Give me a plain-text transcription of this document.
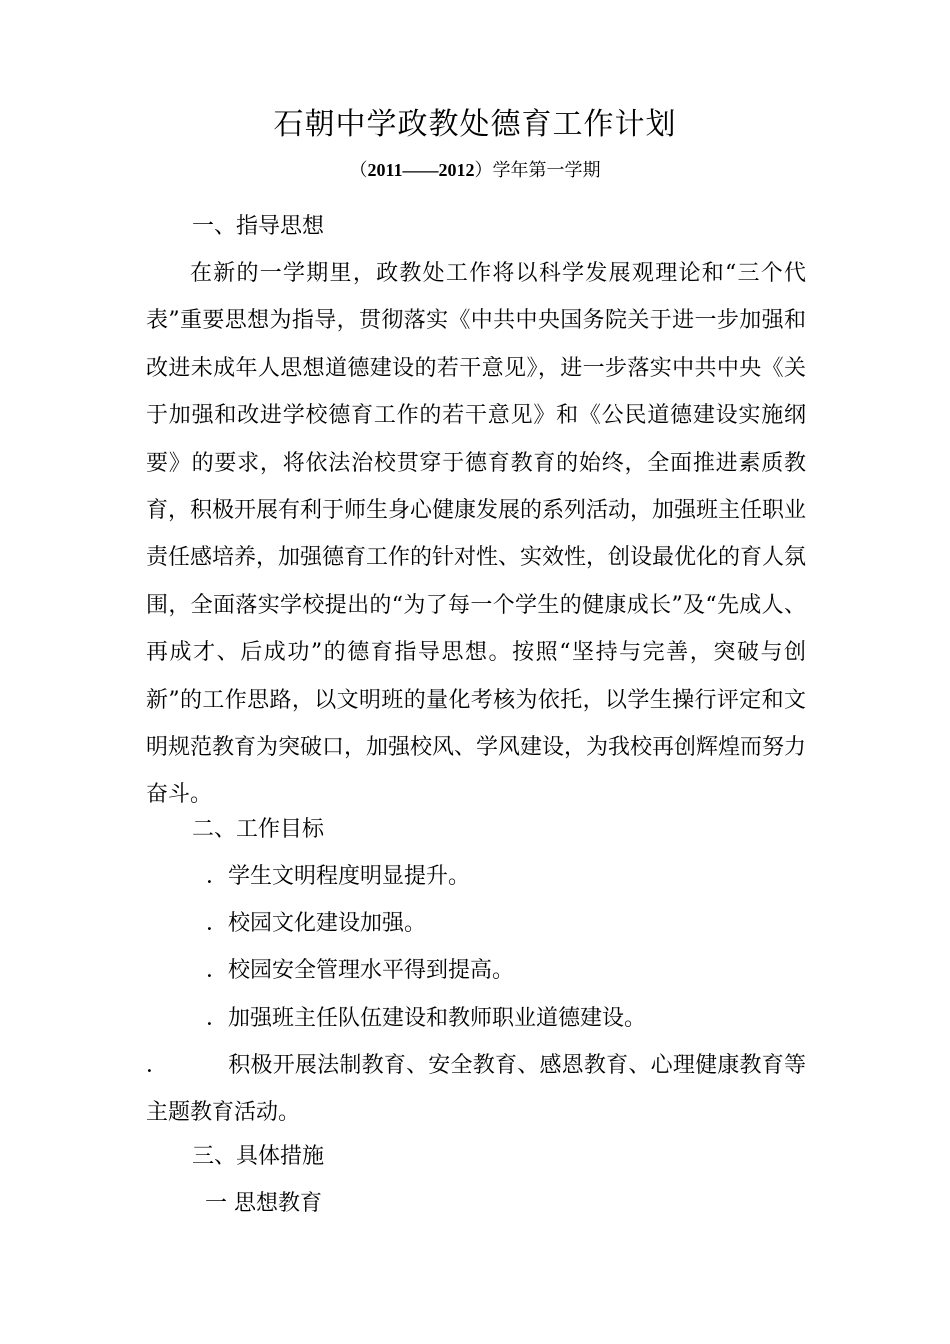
石朝中学政教处德育工作计划
（2011——2012）学年第一学期
一、指导思想
在新的一学期里，政教处工作将以科学发展观理论和“三个代表”重要思想为指导，贯彻落实《中共中央国务院关于进一步加强和改进未成年人思想道德建设的若干意见》，进一步落实中共中央《关于加强和改进学校德育工作的若干意见》和《公民道德建设实施纲要》的要求，将依法治校贯穿于德育教育的始终，全面推进素质教育，积极开展有利于师生身心健康发展的系列活动，加强班主任职业责任感培养，加强德育工作的针对性、实效性，创设最优化的育人氛围，全面落实学校提出的“为了每一个学生的健康成长”及“先成人、再成才、后成功”的德育指导思想。按照“坚持与完善，突破与创新”的工作思路，以文明班的量化考核为依托，以学生操行评定和文明规范教育为突破口，加强校风、学风建设，为我校再创辉煌而努力奋斗。
二、工作目标
．学生文明程度明显提升。
．校园文化建设加强。
．校园安全管理水平得到提高。
．加强班主任队伍建设和教师职业道德建设。
．	积极开展法制教育、安全教育、感恩教育、心理健康教育等主题教育活动。
三、具体措施
一 思想教育
